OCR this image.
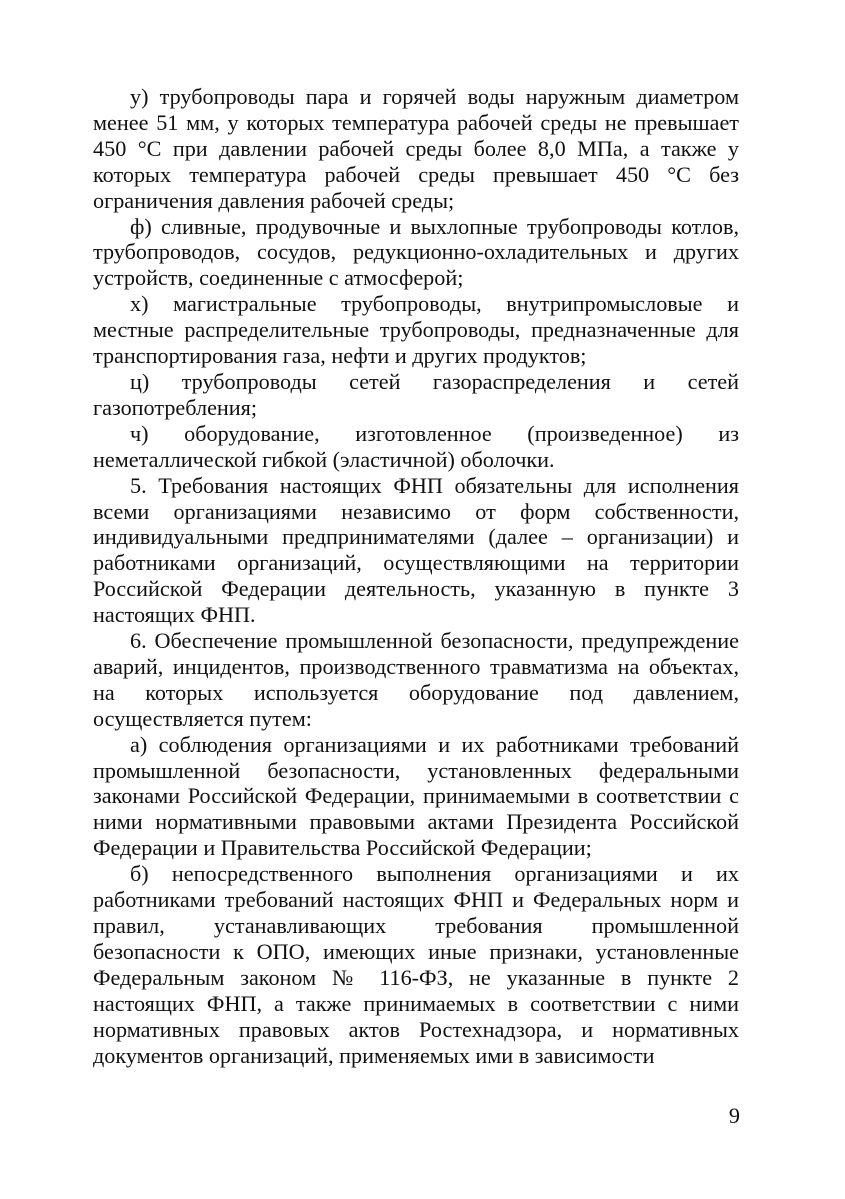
у) трубопроводы пара и горячей воды наружным диаметром менее 51 мм, у которых температура рабочей среды не превышает 450 °С при давлении рабочей среды более 8,0 МПа, а также у которых температура рабочей среды превышает 450 °С без ограничения давления рабочей среды;

ф) сливные, продувочные и выхлопные трубопроводы котлов, трубопроводов, сосудов, редукционно-охладительных и других устройств, соединенные с атмосферой;

х) магистральные трубопроводы, внутрипромысловые и местные распределительные трубопроводы, предназначенные для транспортирования газа, нефти и других продуктов;

ц) трубопроводы сетей газораспределения и сетей газопотребления;

ч) оборудование, изготовленное (произведенное) из неметаллической гибкой (эластичной) оболочки.

5. Требования настоящих ФНП обязательны для исполнения всеми организациями независимо от форм собственности, индивидуальными предпринимателями (далее – организации) и работниками организаций, осуществляющими на территории Российской Федерации деятельность, указанную в пункте 3 настоящих ФНП.

6. Обеспечение промышленной безопасности, предупреждение аварий, инцидентов, производственного травматизма на объектах, на которых используется оборудование под давлением, осуществляется путем:

а) соблюдения организациями и их работниками требований промышленной безопасности, установленных федеральными законами Российской Федерации, принимаемыми в соответствии с ними нормативными правовыми актами Президента Российской Федерации и Правительства Российской Федерации;

б) непосредственного выполнения организациями и их работниками требований настоящих ФНП и Федеральных норм и правил, устанавливающих требования промышленной безопасности к ОПО, имеющих иные признаки, установленные Федеральным законом № 116-ФЗ, не указанные в пункте 2 настоящих ФНП, а также принимаемых в соответствии с ними нормативных правовых актов Ростехнадзора, и нормативных документов организаций, применяемых ими в зависимости

9
